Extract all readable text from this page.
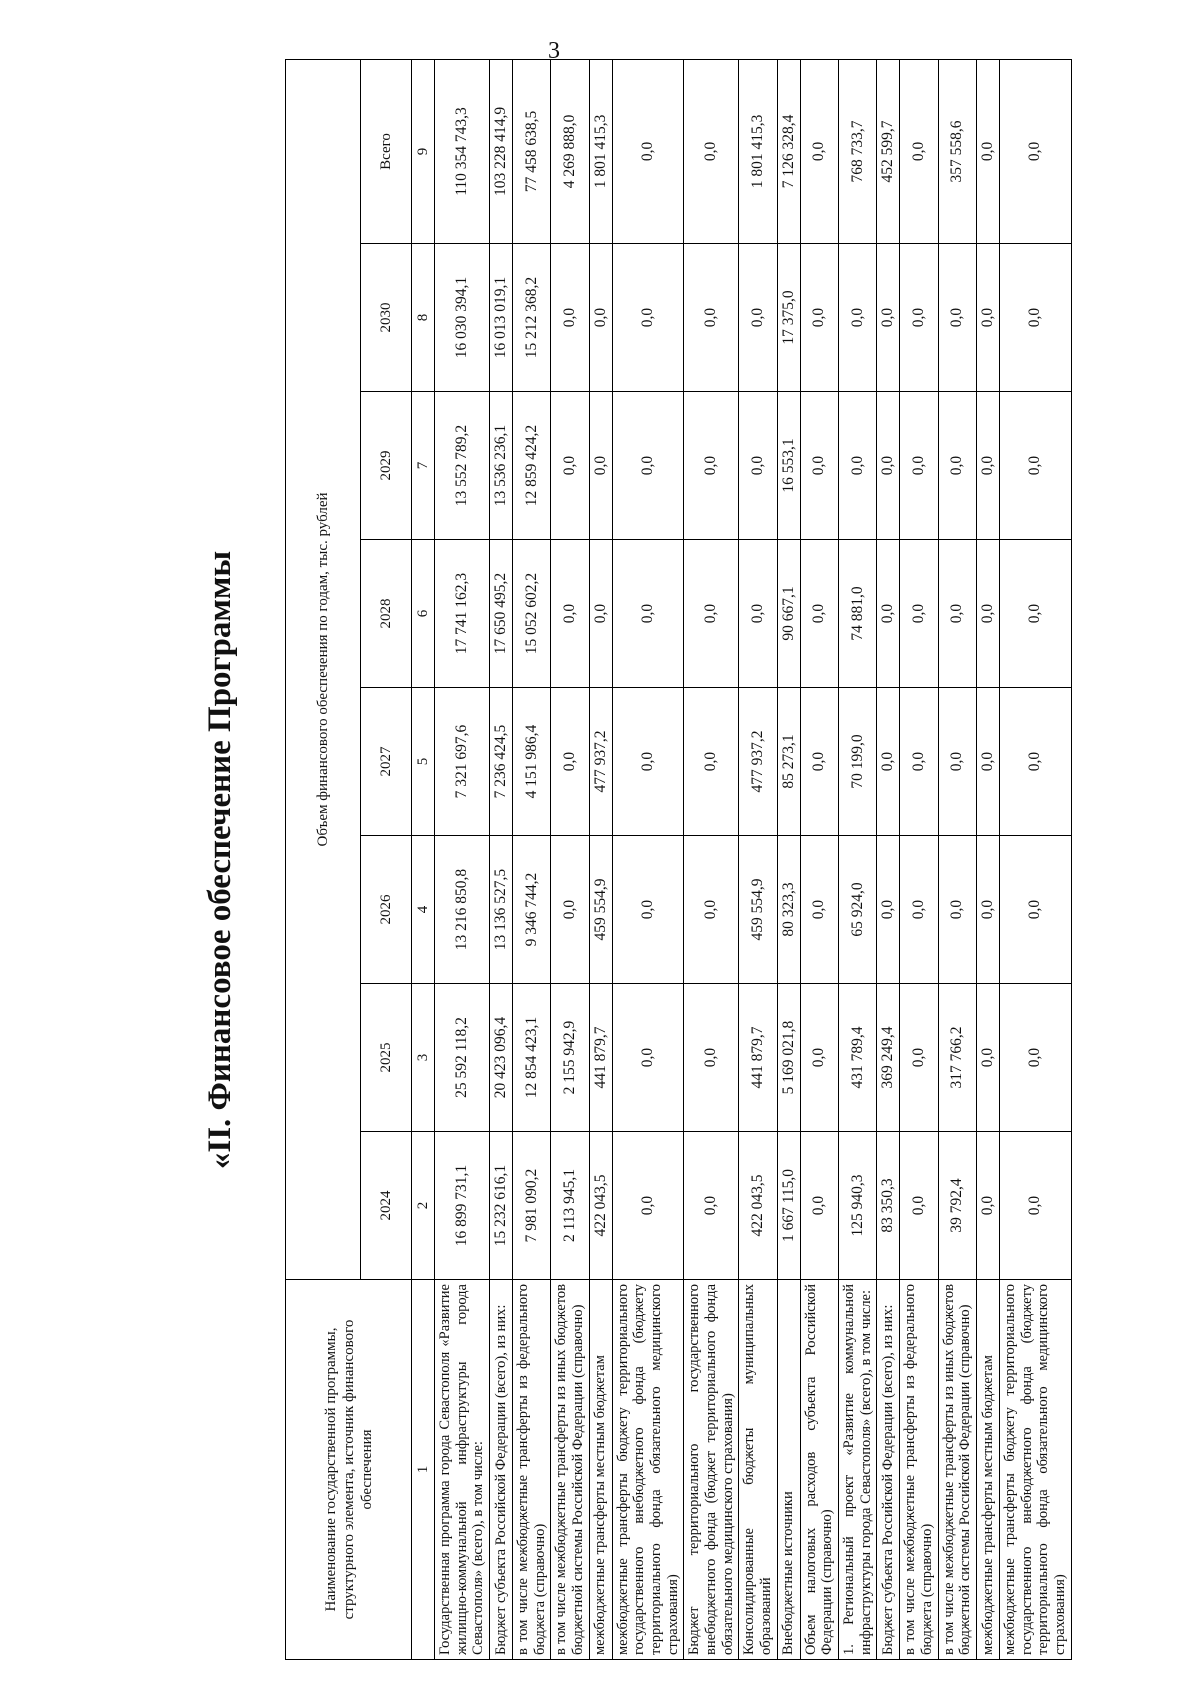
3
«II. Финансовое обеспечение Программы
Наименование государственной программы, структурного элемента, источник финансового обеспечения	Объем финансового обеспечения по годам, тыс. рублей							
	2024	2025	2026	2027	2028	2029	2030	Всего
1	2	3	4	5	6	7	8	9
Государственная программа города Севастополя «Развитие жилищно-коммунальной инфраструктуры города Севастополя» (всего), в том числе:	16 899 731,1	25 592 118,2	13 216 850,8	7 321 697,6	17 741 162,3	13 552 789,2	16 030 394,1	110 354 743,3
Бюджет субъекта Российской Федерации (всего), из них:	15 232 616,1	20 423 096,4	13 136 527,5	7 236 424,5	17 650 495,2	13 536 236,1	16 013 019,1	103 228 414,9
в том числе межбюджетные трансферты из федерального бюджета (справочно)	7 981 090,2	12 854 423,1	9 346 744,2	4 151 986,4	15 052 602,2	12 859 424,2	15 212 368,2	77 458 638,5
в том числе межбюджетные трансферты из иных бюджетов бюджетной системы Российской Федерации (справочно)	2 113 945,1	2 155 942,9	0,0	0,0	0,0	0,0	0,0	4 269 888,0
межбюджетные трансферты местным бюджетам	422 043,5	441 879,7	459 554,9	477 937,2	0,0	0,0	0,0	1 801 415,3
межбюджетные трансферты бюджету территориального государственного внебюджетного фонда (бюджету территориального фонда обязательного медицинского страхования)	0,0	0,0	0,0	0,0	0,0	0,0	0,0	0,0
Бюджет территориального государственного внебюджетного фонда (бюджет территориального фонда обязательного медицинского страхования)	0,0	0,0	0,0	0,0	0,0	0,0	0,0	0,0
Консолидированные бюджеты муниципальных образований	422 043,5	441 879,7	459 554,9	477 937,2	0,0	0,0	0,0	1 801 415,3
Внебюджетные источники	1 667 115,0	5 169 021,8	80 323,3	85 273,1	90 667,1	16 553,1	17 375,0	7 126 328,4
Объем налоговых расходов субъекта Российской Федерации (справочно)	0,0	0,0	0,0	0,0	0,0	0,0	0,0	0,0
1. Региональный проект «Развитие коммунальной инфраструктуры города Севастополя» (всего), в том числе:	125 940,3	431 789,4	65 924,0	70 199,0	74 881,0	0,0	0,0	768 733,7
Бюджет субъекта Российской Федерации (всего), из них:	83 350,3	369 249,4	0,0	0,0	0,0	0,0	0,0	452 599,7
в том числе межбюджетные трансферты из федерального бюджета (справочно)	0,0	0,0	0,0	0,0	0,0	0,0	0,0	0,0
в том числе межбюджетные трансферты из иных бюджетов бюджетной системы Российской Федерации (справочно)	39 792,4	317 766,2	0,0	0,0	0,0	0,0	0,0	357 558,6
межбюджетные трансферты местным бюджетам	0,0	0,0	0,0	0,0	0,0	0,0	0,0	0,0
межбюджетные трансферты бюджету территориального государственного внебюджетного фонда (бюджету территориального фонда обязательного медицинского страхования)	0,0	0,0	0,0	0,0	0,0	0,0	0,0	0,0
